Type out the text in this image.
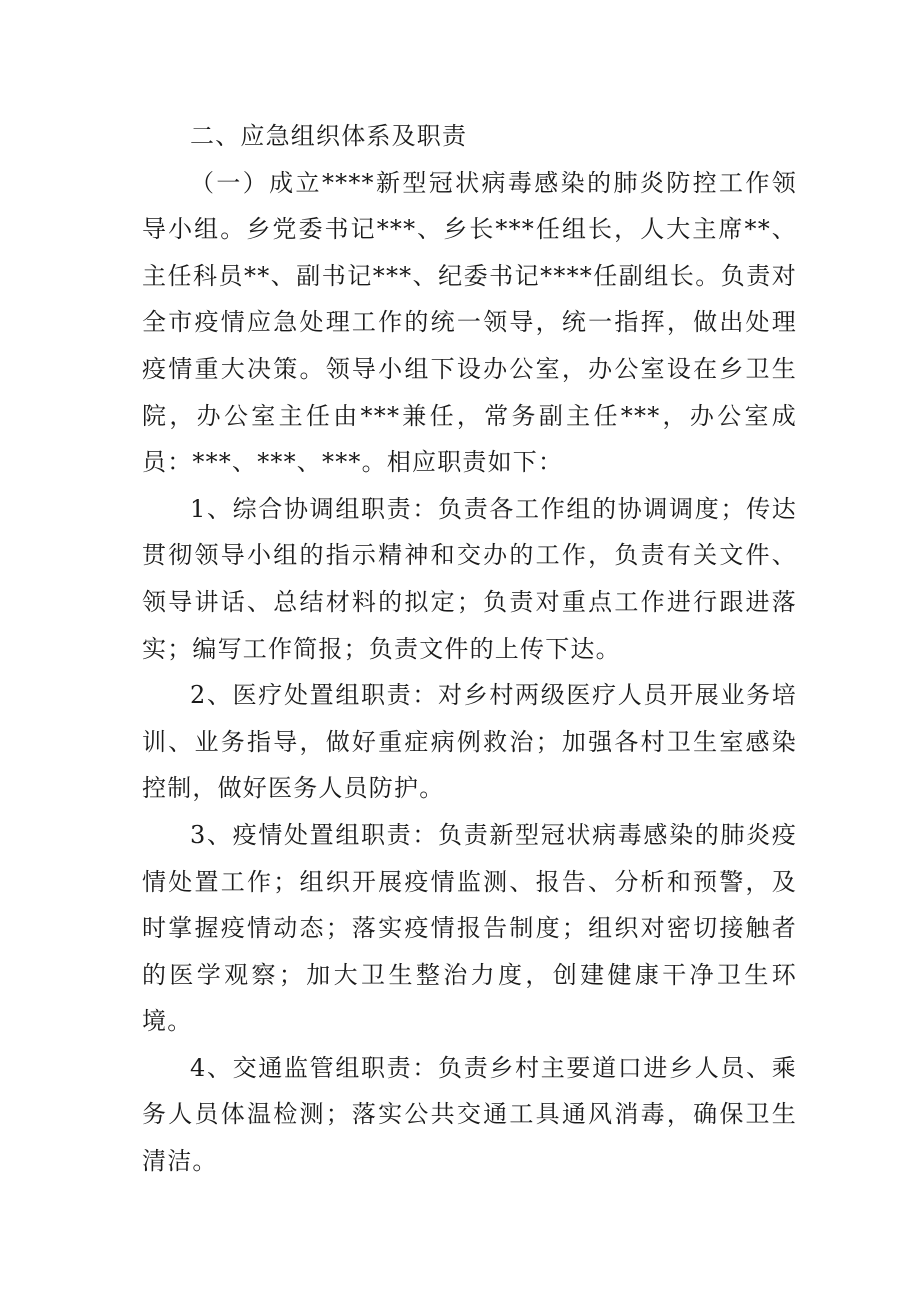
二、应急组织体系及职责

（一）成立****新型冠状病毒感染的肺炎防控工作领导小组。乡党委书记***、乡长***任组长，人大主席**、主任科员**、副书记***、纪委书记****任副组长。负责对全市疫情应急处理工作的统一领导，统一指挥，做出处理疫情重大决策。领导小组下设办公室，办公室设在乡卫生院，办公室主任由***兼任，常务副主任***，办公室成员：***、***、***。相应职责如下：

1、综合协调组职责：负责各工作组的协调调度；传达贯彻领导小组的指示精神和交办的工作，负责有关文件、领导讲话、总结材料的拟定；负责对重点工作进行跟进落实；编写工作简报；负责文件的上传下达。

2、医疗处置组职责：对乡村两级医疗人员开展业务培训、业务指导，做好重症病例救治；加强各村卫生室感染控制，做好医务人员防护。

3、疫情处置组职责：负责新型冠状病毒感染的肺炎疫情处置工作；组织开展疫情监测、报告、分析和预警，及时掌握疫情动态；落实疫情报告制度；组织对密切接触者的医学观察；加大卫生整治力度，创建健康干净卫生环境。

4、交通监管组职责：负责乡村主要道口进乡人员、乘务人员体温检测；落实公共交通工具通风消毒，确保卫生清洁。
